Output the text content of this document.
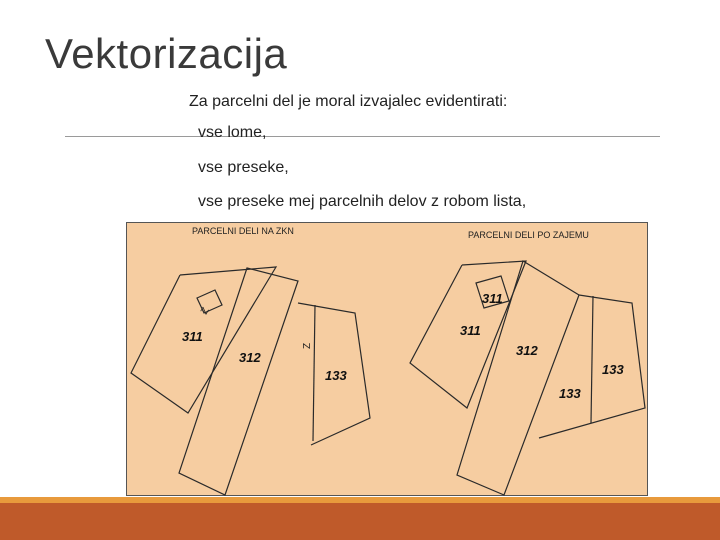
Vektorizacija
Za parcelni del je moral izvajalec evidentirati:
vse lome,
vse preseke,
vse preseke mej parcelnih delov z robom lista,
PARCELNI DELI NA ZKN
311
312
133
Z
Z
PARCELNI DELI PO ZAJEMU
311
311
312
133
133
